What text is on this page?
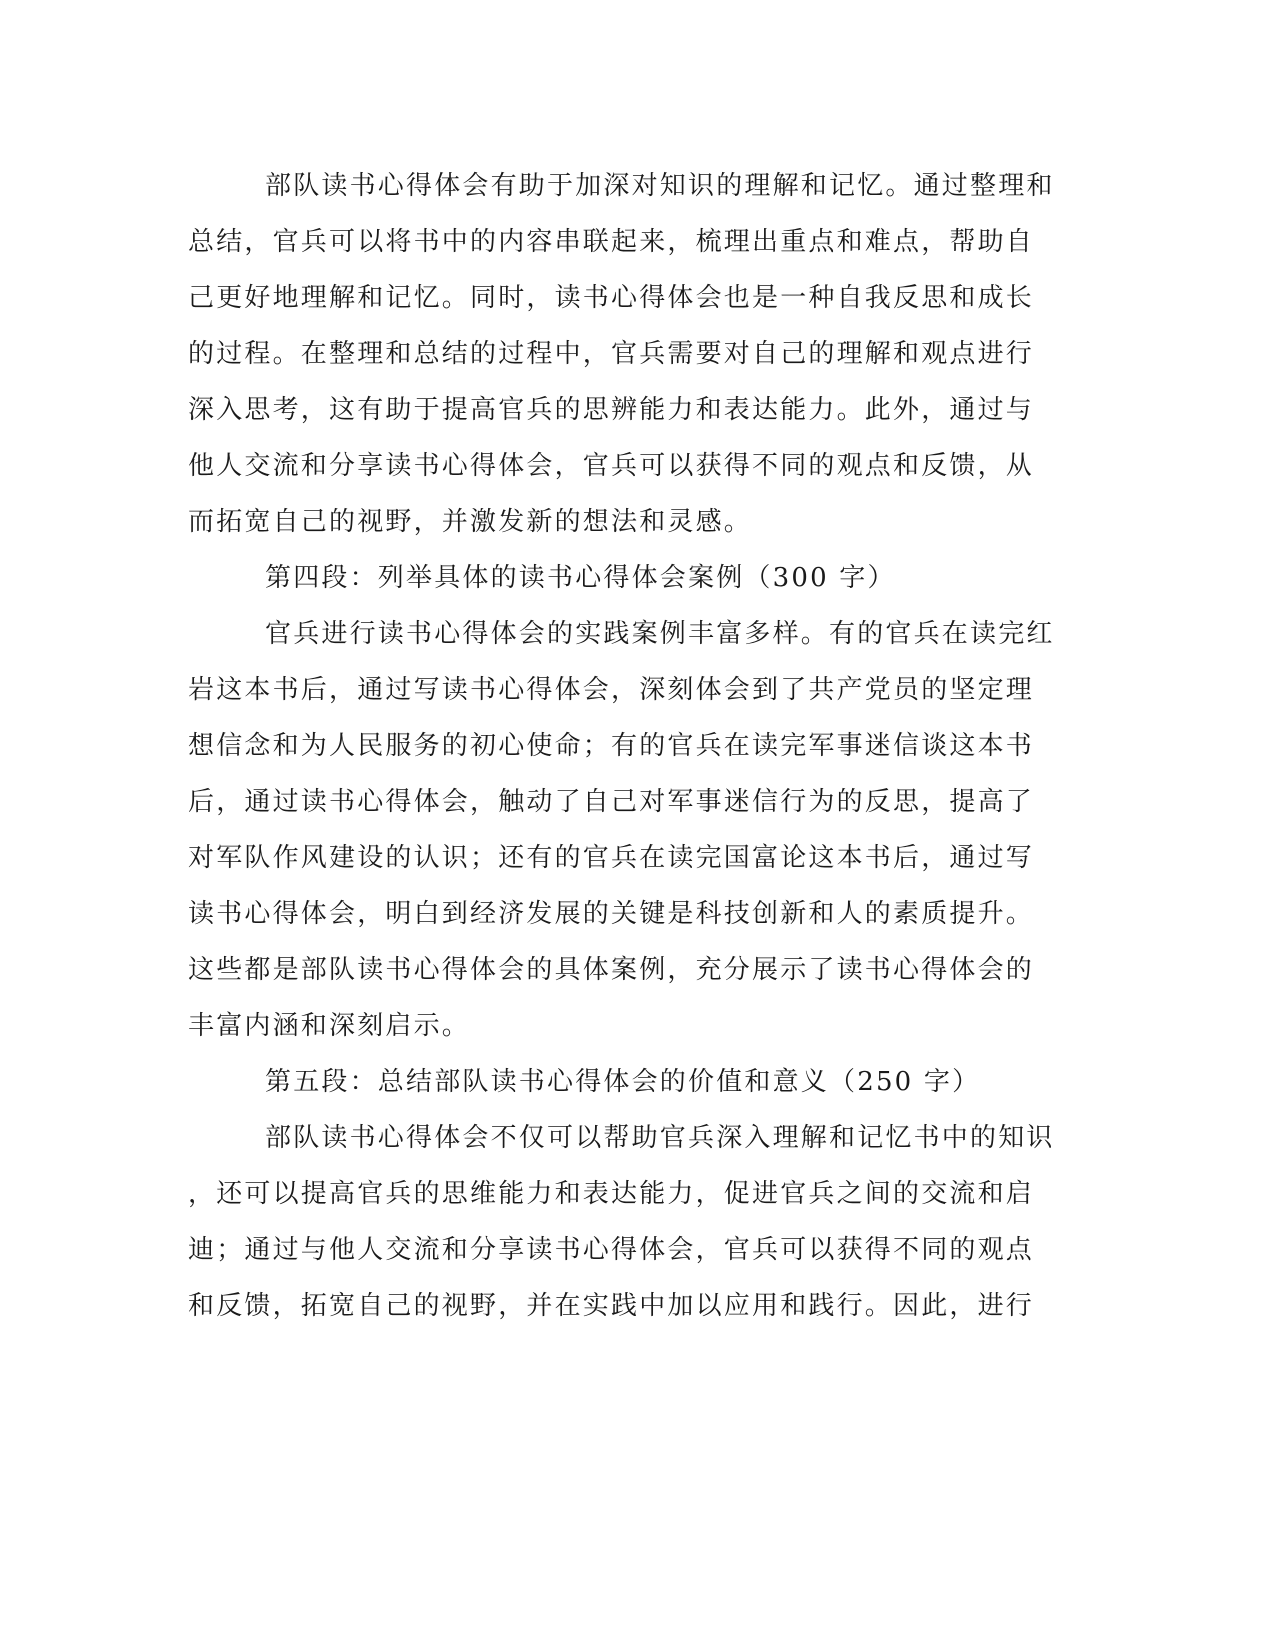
部队读书心得体会有助于加深对知识的理解和记忆。通过整理和
总结，官兵可以将书中的内容串联起来，梳理出重点和难点，帮助自
己更好地理解和记忆。同时，读书心得体会也是一种自我反思和成长
的过程。在整理和总结的过程中，官兵需要对自己的理解和观点进行
深入思考，这有助于提高官兵的思辨能力和表达能力。此外，通过与
他人交流和分享读书心得体会，官兵可以获得不同的观点和反馈，从
而拓宽自己的视野，并激发新的想法和灵感。
第四段：列举具体的读书心得体会案例（300 字）
官兵进行读书心得体会的实践案例丰富多样。有的官兵在读完红
岩这本书后，通过写读书心得体会，深刻体会到了共产党员的坚定理
想信念和为人民服务的初心使命；有的官兵在读完军事迷信谈这本书
后，通过读书心得体会，触动了自己对军事迷信行为的反思，提高了
对军队作风建设的认识；还有的官兵在读完国富论这本书后，通过写
读书心得体会，明白到经济发展的关键是科技创新和人的素质提升。
这些都是部队读书心得体会的具体案例，充分展示了读书心得体会的
丰富内涵和深刻启示。
第五段：总结部队读书心得体会的价值和意义（250 字）
部队读书心得体会不仅可以帮助官兵深入理解和记忆书中的知识
，还可以提高官兵的思维能力和表达能力，促进官兵之间的交流和启
迪；通过与他人交流和分享读书心得体会，官兵可以获得不同的观点
和反馈，拓宽自己的视野，并在实践中加以应用和践行。因此，进行
